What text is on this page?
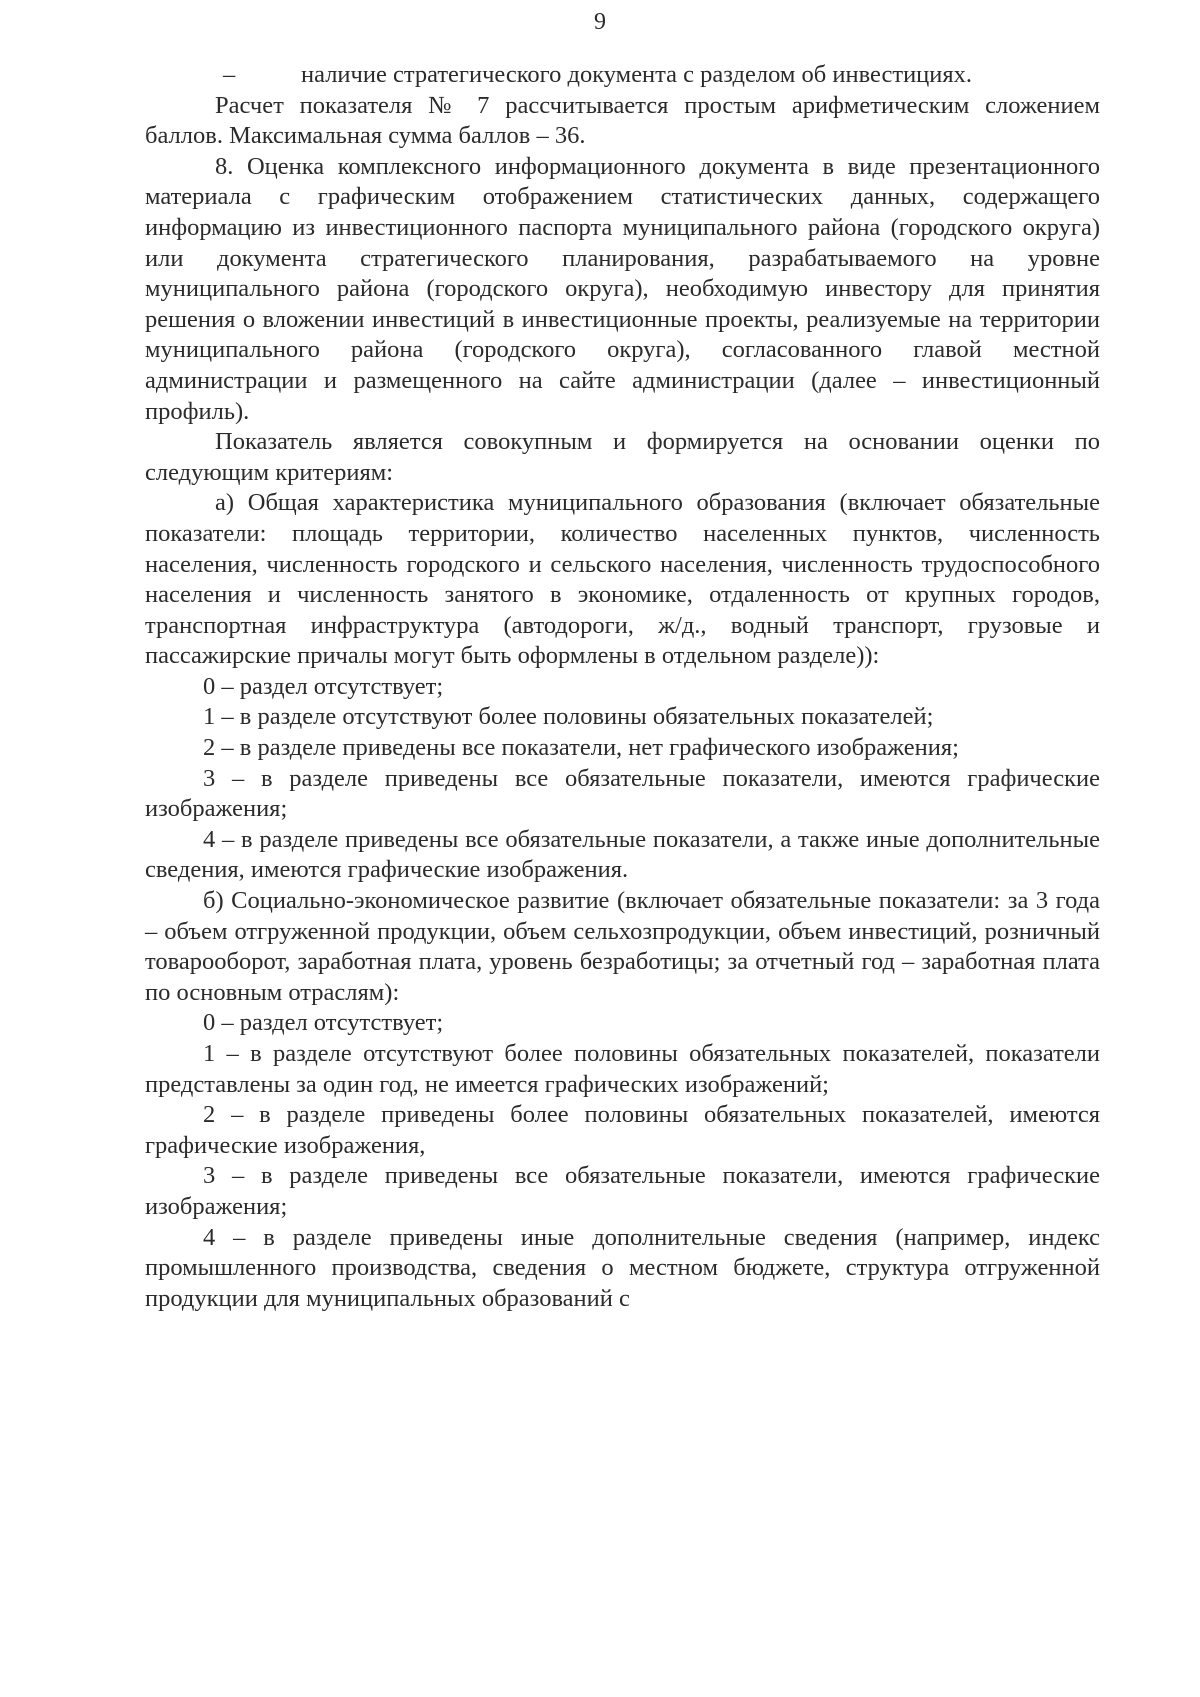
9
–	наличие стратегического документа с разделом об инвестициях.

Расчет показателя № 7 рассчитывается простым арифметическим сложением баллов. Максимальная сумма баллов – 36.

8. Оценка комплексного информационного документа в виде презентационного материала с графическим отображением статистических данных, содержащего информацию из инвестиционного паспорта муниципального района (городского округа) или документа стратегического планирования, разрабатываемого на уровне муниципального района (городского округа), необходимую инвестору для принятия решения о вложении инвестиций в инвестиционные проекты, реализуемые на территории муниципального района (городского округа), согласованного главой местной администрации и размещенного на сайте администрации (далее – инвестиционный профиль).

Показатель является совокупным и формируется на основании оценки по следующим критериям:

а) Общая характеристика муниципального образования (включает обязательные показатели: площадь территории, количество населенных пунктов, численность населения, численность городского и сельского населения, численность трудоспособного населения и численность занятого в экономике, отдаленность от крупных городов, транспортная инфраструктура (автодороги, ж/д., водный транспорт, грузовые и пассажирские причалы могут быть оформлены в отдельном разделе)):

0 – раздел отсутствует;

1 – в разделе отсутствуют более половины обязательных показателей;

2 – в разделе приведены все показатели, нет графического изображения;

3 – в разделе приведены все обязательные показатели, имеются графические изображения;

4 – в разделе приведены все обязательные показатели, а также иные дополнительные сведения, имеются графические изображения.

б) Социально-экономическое развитие (включает обязательные показатели: за 3 года – объем отгруженной продукции, объем сельхозпродукции, объем инвестиций, розничный товарооборот, заработная плата, уровень безработицы; за отчетный год – заработная плата по основным отраслям):

0 – раздел отсутствует;

1 – в разделе отсутствуют более половины обязательных показателей, показатели представлены за один год, не имеется графических изображений;

2 – в разделе приведены более половины обязательных показателей, имеются графические изображения,

3 – в разделе приведены все обязательные показатели, имеются графические изображения;

4 – в разделе приведены иные дополнительные сведения (например, индекс промышленного производства, сведения о местном бюджете, структура отгруженной продукции для муниципальных образований с
